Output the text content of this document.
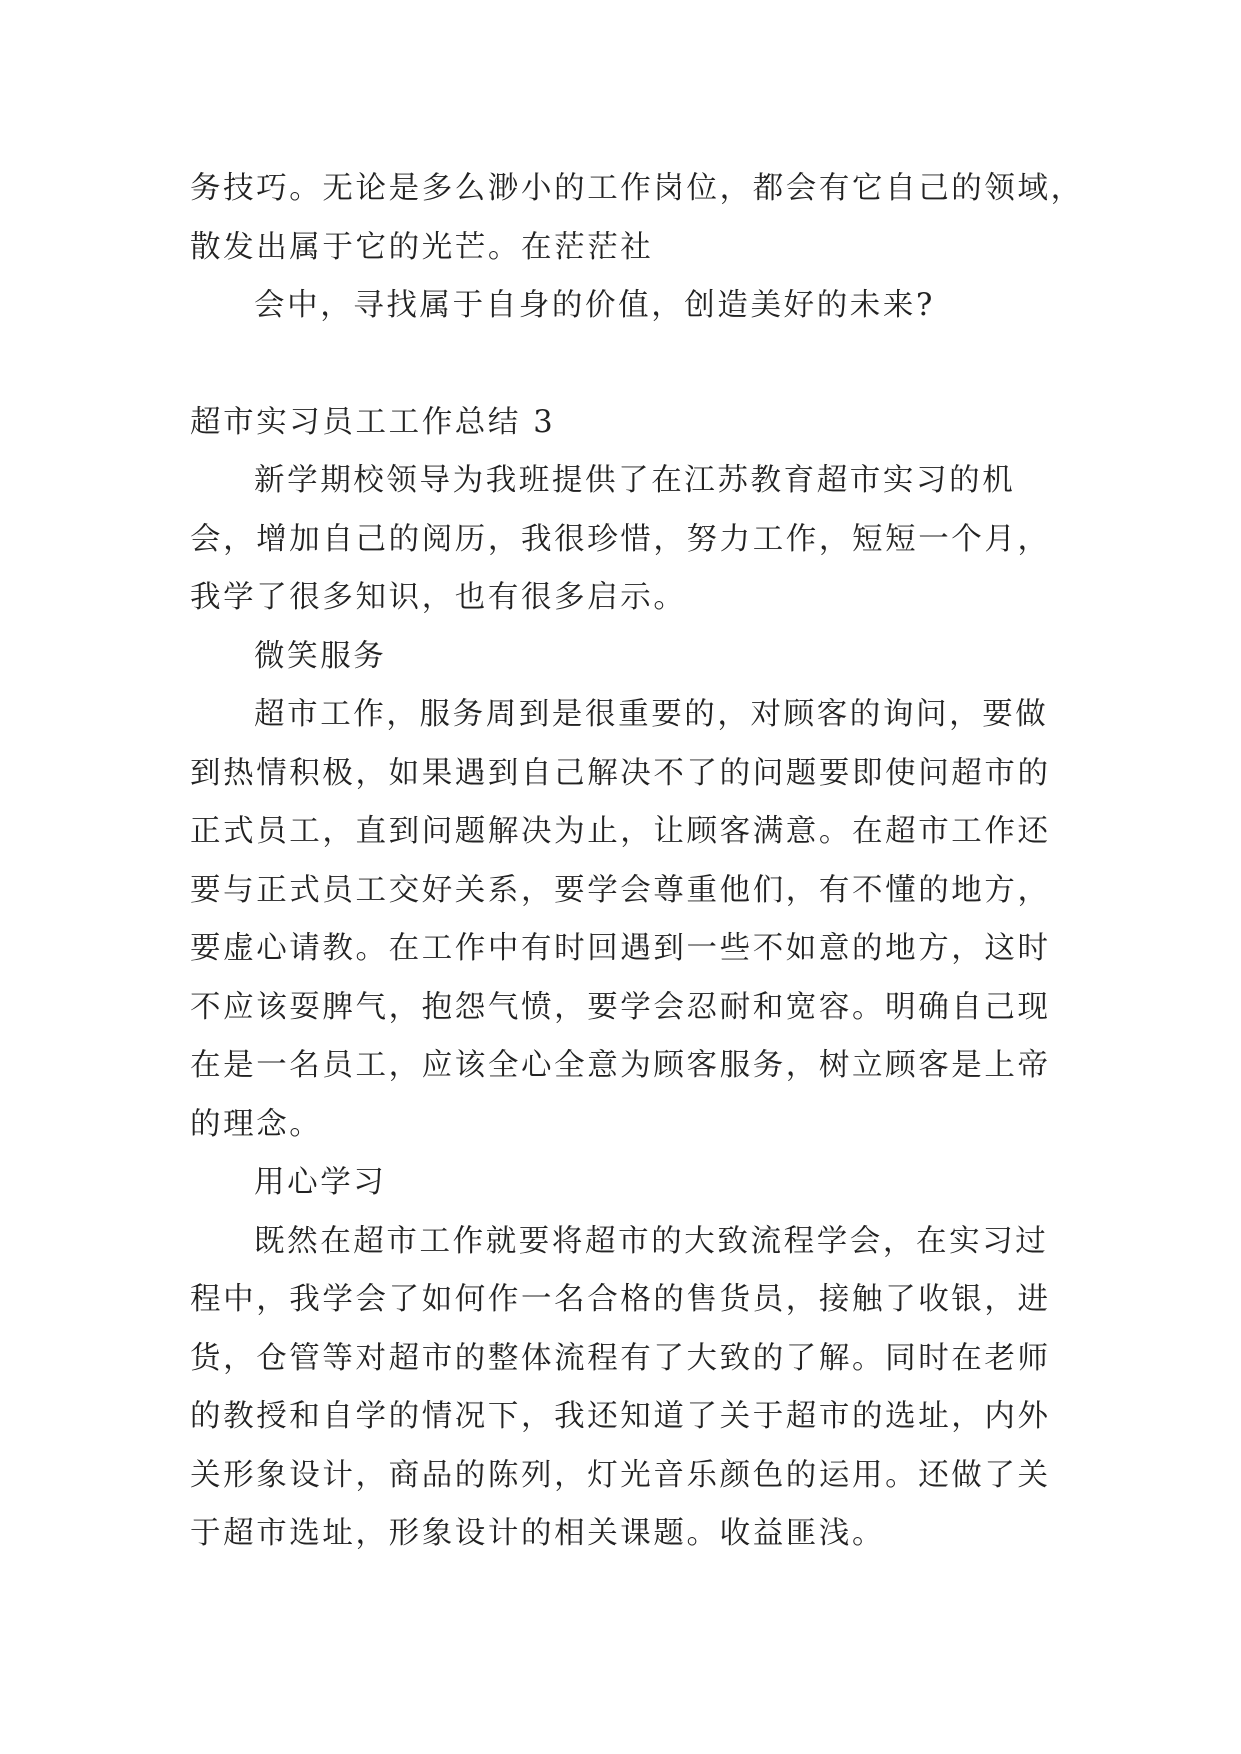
务技巧。无论是多么渺小的工作岗位，都会有它自己的领域，
散发出属于它的光芒。在茫茫社
会中，寻找属于自身的价值，创造美好的未来?
超市实习员工工作总结 3
新学期校领导为我班提供了在江苏教育超市实习的机
会，增加自己的阅历，我很珍惜，努力工作，短短一个月，
我学了很多知识，也有很多启示。
微笑服务
超市工作，服务周到是很重要的，对顾客的询问，要做
到热情积极，如果遇到自己解决不了的问题要即使问超市的
正式员工，直到问题解决为止，让顾客满意。在超市工作还
要与正式员工交好关系，要学会尊重他们，有不懂的地方，
要虚心请教。在工作中有时回遇到一些不如意的地方，这时
不应该耍脾气，抱怨气愤，要学会忍耐和宽容。明确自己现
在是一名员工，应该全心全意为顾客服务，树立顾客是上帝
的理念。
用心学习
既然在超市工作就要将超市的大致流程学会，在实习过
程中，我学会了如何作一名合格的售货员，接触了收银，进
货，仓管等对超市的整体流程有了大致的了解。同时在老师
的教授和自学的情况下，我还知道了关于超市的选址，内外
关形象设计，商品的陈列，灯光音乐颜色的运用。还做了关
于超市选址，形象设计的相关课题。收益匪浅。
